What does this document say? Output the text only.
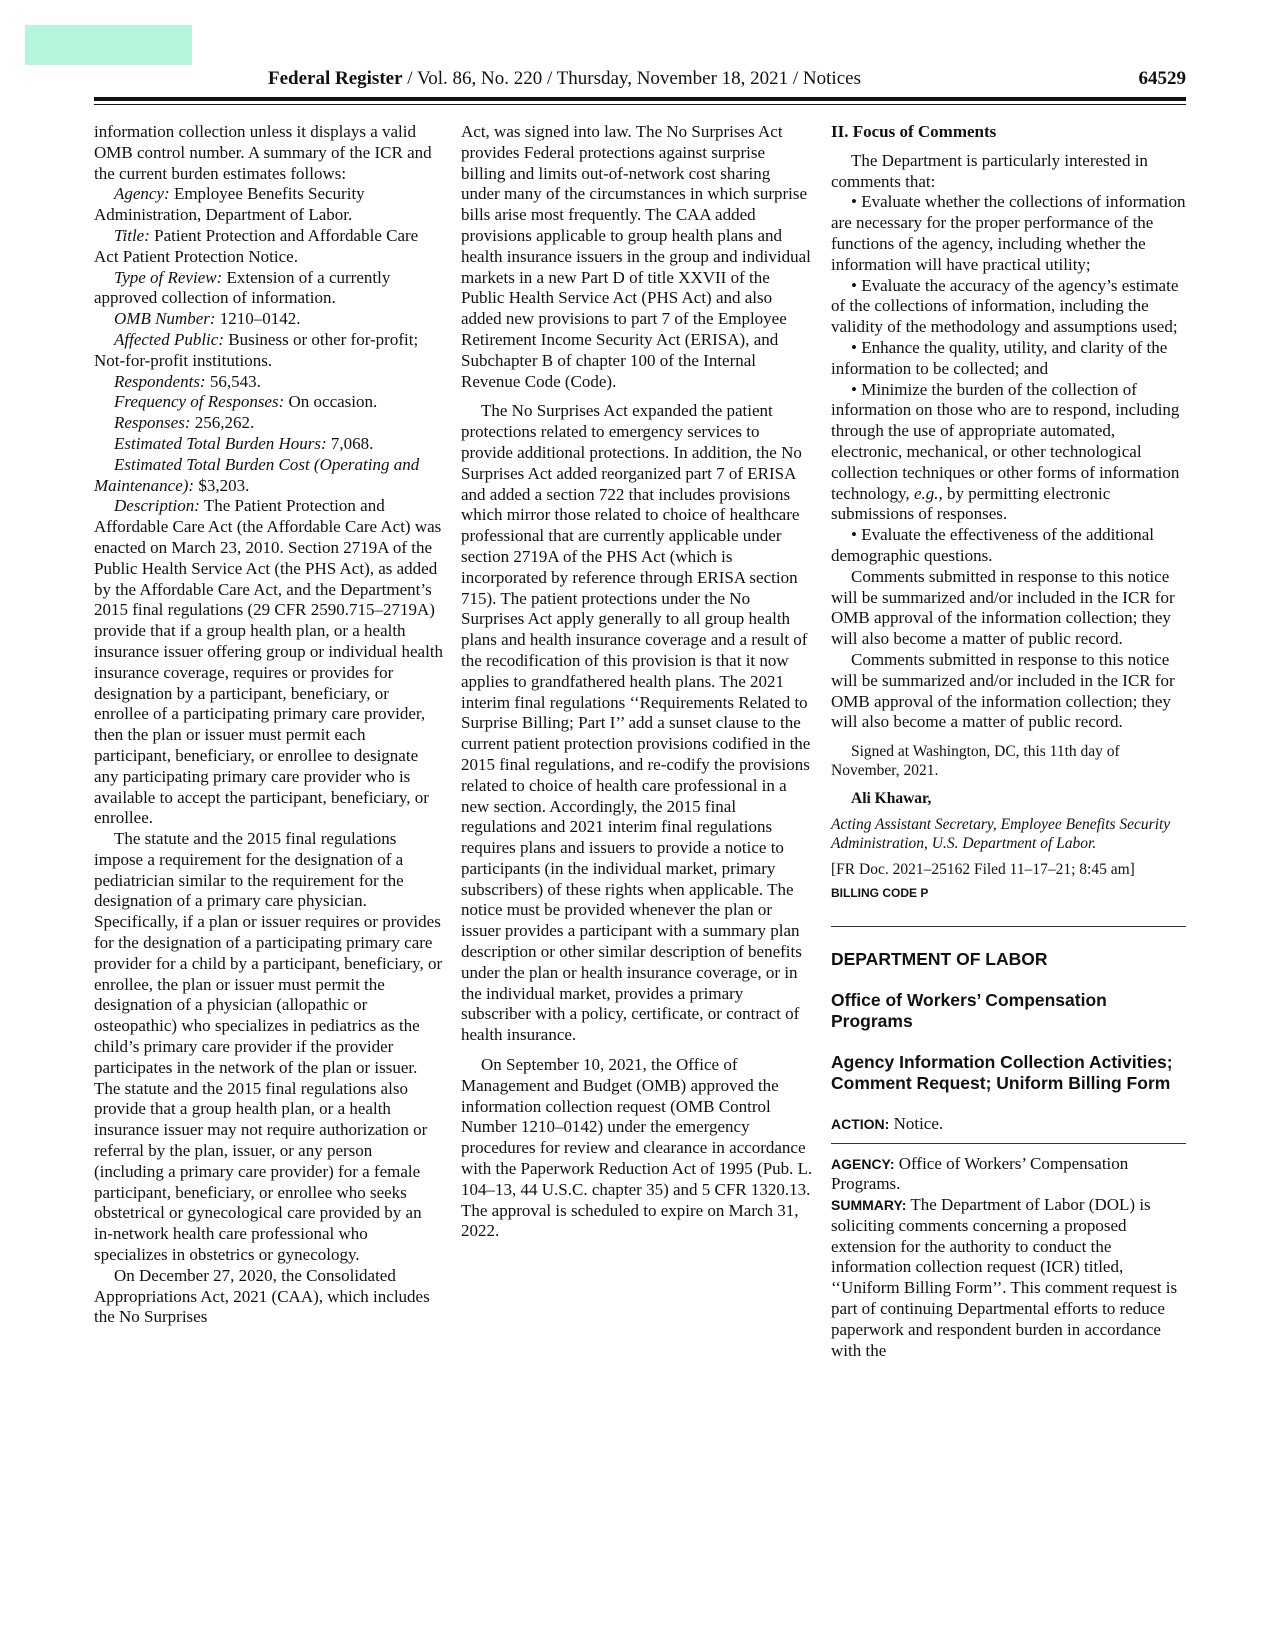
Federal Register / Vol. 86, No. 220 / Thursday, November 18, 2021 / Notices	64529

information collection unless it displays a valid OMB control number. A summary of the ICR and the current burden estimates follows:

Agency: Employee Benefits Security Administration, Department of Labor.

Title: Patient Protection and Affordable Care Act Patient Protection Notice.

Type of Review: Extension of a currently approved collection of information.

OMB Number: 1210–0142.

Affected Public: Business or other for-profit; Not-for-profit institutions.

Respondents: 56,543.

Frequency of Responses: On occasion.

Responses: 256,262.

Estimated Total Burden Hours: 7,068.

Estimated Total Burden Cost (Operating and Maintenance): $3,203.

Description: The Patient Protection and Affordable Care Act (the Affordable Care Act) was enacted on March 23, 2010. Section 2719A of the Public Health Service Act (the PHS Act), as added by the Affordable Care Act, and the Department’s 2015 final regulations (29 CFR 2590.715–2719A) provide that if a group health plan, or a health insurance issuer offering group or individual health insurance coverage, requires or provides for designation by a participant, beneficiary, or enrollee of a participating primary care provider, then the plan or issuer must permit each participant, beneficiary, or enrollee to designate any participating primary care provider who is available to accept the participant, beneficiary, or enrollee.

The statute and the 2015 final regulations impose a requirement for the designation of a pediatrician similar to the requirement for the designation of a primary care physician. Specifically, if a plan or issuer requires or provides for the designation of a participating primary care provider for a child by a participant, beneficiary, or enrollee, the plan or issuer must permit the designation of a physician (allopathic or osteopathic) who specializes in pediatrics as the child’s primary care provider if the provider participates in the network of the plan or issuer. The statute and the 2015 final regulations also provide that a group health plan, or a health insurance issuer may not require authorization or referral by the plan, issuer, or any person (including a primary care provider) for a female participant, beneficiary, or enrollee who seeks obstetrical or gynecological care provided by an in-network health care professional who specializes in obstetrics or gynecology.

On December 27, 2020, the Consolidated Appropriations Act, 2021 (CAA), which includes the No Surprises

Act, was signed into law. The No Surprises Act provides Federal protections against surprise billing and limits out-of-network cost sharing under many of the circumstances in which surprise bills arise most frequently. The CAA added provisions applicable to group health plans and health insurance issuers in the group and individual markets in a new Part D of title XXVII of the Public Health Service Act (PHS Act) and also added new provisions to part 7 of the Employee Retirement Income Security Act (ERISA), and Subchapter B of chapter 100 of the Internal Revenue Code (Code).

The No Surprises Act expanded the patient protections related to emergency services to provide additional protections. In addition, the No Surprises Act added reorganized part 7 of ERISA and added a section 722 that includes provisions which mirror those related to choice of healthcare professional that are currently applicable under section 2719A of the PHS Act (which is incorporated by reference through ERISA section 715). The patient protections under the No Surprises Act apply generally to all group health plans and health insurance coverage and a result of the recodification of this provision is that it now applies to grandfathered health plans. The 2021 interim final regulations ‘‘Requirements Related to Surprise Billing; Part I’’ add a sunset clause to the current patient protection provisions codified in the 2015 final regulations, and re-codify the provisions related to choice of health care professional in a new section. Accordingly, the 2015 final regulations and 2021 interim final regulations requires plans and issuers to provide a notice to participants (in the individual market, primary subscribers) of these rights when applicable. The notice must be provided whenever the plan or issuer provides a participant with a summary plan description or other similar description of benefits under the plan or health insurance coverage, or in the individual market, provides a primary subscriber with a policy, certificate, or contract of health insurance.

On September 10, 2021, the Office of Management and Budget (OMB) approved the information collection request (OMB Control Number 1210–0142) under the emergency procedures for review and clearance in accordance with the Paperwork Reduction Act of 1995 (Pub. L. 104–13, 44 U.S.C. chapter 35) and 5 CFR 1320.13. The approval is scheduled to expire on March 31, 2022.

II. Focus of Comments

The Department is particularly interested in comments that:

• Evaluate whether the collections of information are necessary for the proper performance of the functions of the agency, including whether the information will have practical utility;

• Evaluate the accuracy of the agency’s estimate of the collections of information, including the validity of the methodology and assumptions used;

• Enhance the quality, utility, and clarity of the information to be collected; and

• Minimize the burden of the collection of information on those who are to respond, including through the use of appropriate automated, electronic, mechanical, or other technological collection techniques or other forms of information technology, e.g., by permitting electronic submissions of responses.

• Evaluate the effectiveness of the additional demographic questions.

Comments submitted in response to this notice will be summarized and/or included in the ICR for OMB approval of the information collection; they will also become a matter of public record.

Comments submitted in response to this notice will be summarized and/or included in the ICR for OMB approval of the information collection; they will also become a matter of public record.

Signed at Washington, DC, this 11th day of November, 2021.

Ali Khawar,

Acting Assistant Secretary, Employee Benefits Security Administration, U.S. Department of Labor.

[FR Doc. 2021–25162 Filed 11–17–21; 8:45 am]

BILLING CODE P
DEPARTMENT OF LABOR
Office of Workers’ Compensation Programs
Agency Information Collection Activities; Comment Request; Uniform Billing Form

ACTION: Notice.

AGENCY: Office of Workers’ Compensation Programs.

SUMMARY: The Department of Labor (DOL) is soliciting comments concerning a proposed extension for the authority to conduct the information collection request (ICR) titled, ‘‘Uniform Billing Form’’. This comment request is part of continuing Departmental efforts to reduce paperwork and respondent burden in accordance with the
